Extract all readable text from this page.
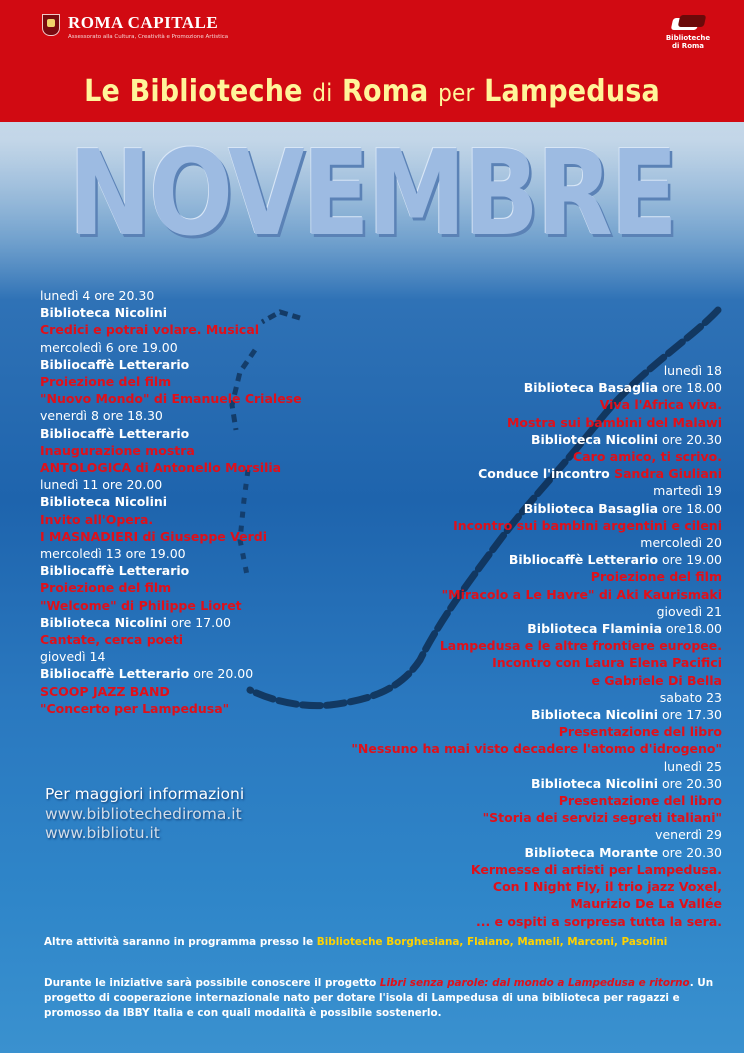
ROMA CAPITALE
Assessorato alla Cultura, Creatività e Promozione Artistica	Biblioteche
di Roma
Le Biblioteche di Roma per Lampedusa
NOVEMBRE
lunedì 4 ore 20.30
Biblioteca Nicolini
Credici e potrai volare. Musical
mercoledì 6 ore 19.00
Bibliocaffè Letterario
Proiezione del film
"Nuovo Mondo" di Emanuele Crialese
venerdì 8 ore 18.30
Bibliocaffè Letterario
Inaugurazione mostra
ANTOLOGICA di Antonello Morsilia
lunedì 11 ore 20.00
Biblioteca Nicolini
Invito all'Opera.
I MASNADIERI di Giuseppe Verdi
mercoledì 13 ore 19.00
Bibliocaffè Letterario
Proiezione del film
"Welcome" di Philippe Lioret
Biblioteca Nicolini ore 17.00
Cantate, cerca poeti
giovedì 14
Bibliocaffè Letterario ore 20.00
SCOOP JAZZ BAND
"Concerto per Lampedusa"
lunedì 18
Biblioteca Basaglia ore 18.00
Viva l'Africa viva.
Mostra sui bambini del Malawi
Biblioteca Nicolini ore 20.30
Caro amico, ti scrivo.
Conduce l'incontro Sandra Giuliani
martedì 19
Biblioteca Basaglia ore 18.00
Incontro sui bambini argentini e cileni
mercoledì 20
Bibliocaffè Letterario ore 19.00
Proiezione del film
"Miracolo a Le Havre" di Aki Kaurismaki
giovedì 21
Biblioteca Flaminia ore18.00
Lampedusa e le altre frontiere europee.
Incontro con Laura Elena Pacifici
e Gabriele Di Bella
sabato 23
Biblioteca Nicolini ore 17.30
Presentazione del libro
"Nessuno ha mai visto decadere l'atomo d'idrogeno"
lunedì 25
Biblioteca Nicolini ore 20.30
Presentazione del libro
"Storia dei servizi segreti italiani"
venerdì 29
Biblioteca Morante ore 20.30
Kermesse di artisti per Lampedusa.
Con I Night Fly, il trio jazz Voxel,
Maurizio De La Vallée
... e ospiti a sorpresa tutta la sera.
Per maggiori informazioni
www.bibliotechediroma.it
www.bibliotu.it
Altre attività saranno in programma presso le Biblioteche Borghesiana, Flaiano, Mameli, Marconi, Pasolini
Durante le iniziative sarà possibile conoscere il progetto Libri senza parole: dal mondo a Lampedusa e ritorno. Un progetto di cooperazione internazionale nato per dotare l'isola di Lampedusa di una biblioteca per ragazzi e promosso da IBBY Italia e con quali modalità è possibile sostenerlo.
